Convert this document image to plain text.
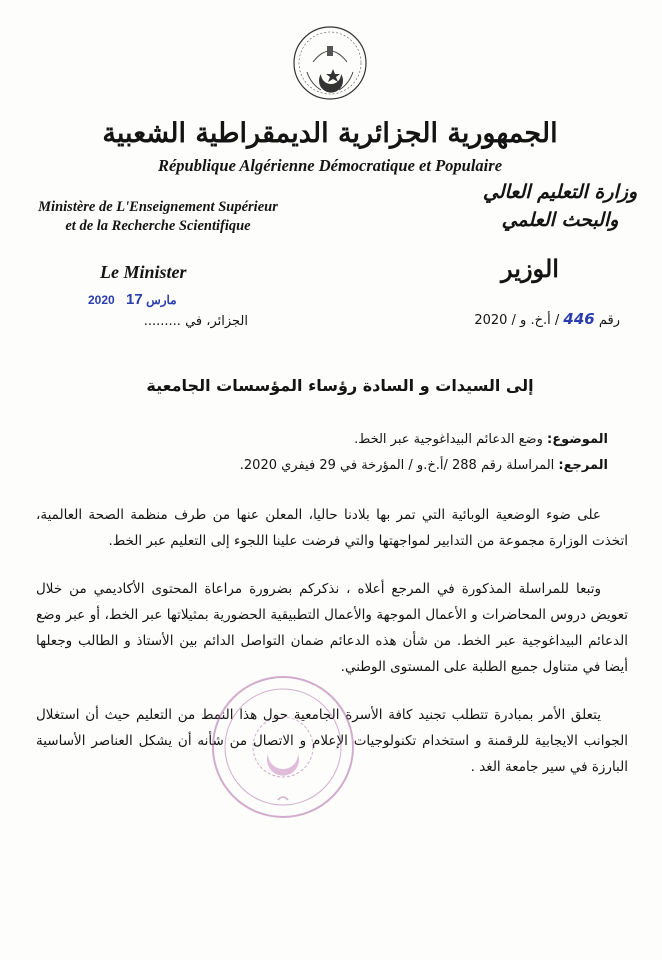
الجمهورية الجزائرية الديمقراطية الشعبية
République Algérienne Démocratique et Populaire
Ministère de L'Enseignement Supérieur
et de la Recherche Scientifique
وزارة التعليم العالي
والبحث العلمي
Le Minister	الوزير
2020	مارس 17
الجزائر، في .........	رقم 446 / أ.خ. و / 2020
إلى السيدات و السادة رؤساء المؤسسات الجامعية
الموضوع: وضع الدعائم البيداغوجية عبر الخط.
المرجع: المراسلة رقم 288 /أ.خ.و / المؤرخة في 29 فيفري 2020.
على ضوء الوضعية الوبائية التي تمر بها بلادنا حاليا، المعلن عنها من طرف منظمة الصحة العالمية، اتخذت الوزارة مجموعة من التدابير لمواجهتها والتي فرضت علينا اللجوء إلى التعليم عبر الخط.
وتبعا للمراسلة المذكورة في المرجع أعلاه ، نذكركم بضرورة مراعاة المحتوى الأكاديمي من خلال تعويض دروس المحاضرات و الأعمال الموجهة والأعمال التطبيقية الحضورية بمثيلاتها عبر الخط، أو عبر وضع الدعائم البيداغوجية عبر الخط. من شأن هذه الدعائم ضمان التواصل الدائم بين الأستاذ و الطالب وجعلها أيضا في متناول جميع الطلبة على المستوى الوطني.
يتعلق الأمر بمبادرة تتطلب تجنيد كافة الأسرة الجامعية حول هذا النمط من التعليم حيث أن استغلال الجوانب الايجابية للرقمنة و استخدام تكنولوجيات الإعلام و الاتصال من شأنه أن يشكل العناصر الأساسية البارزة في سير جامعة الغد .
